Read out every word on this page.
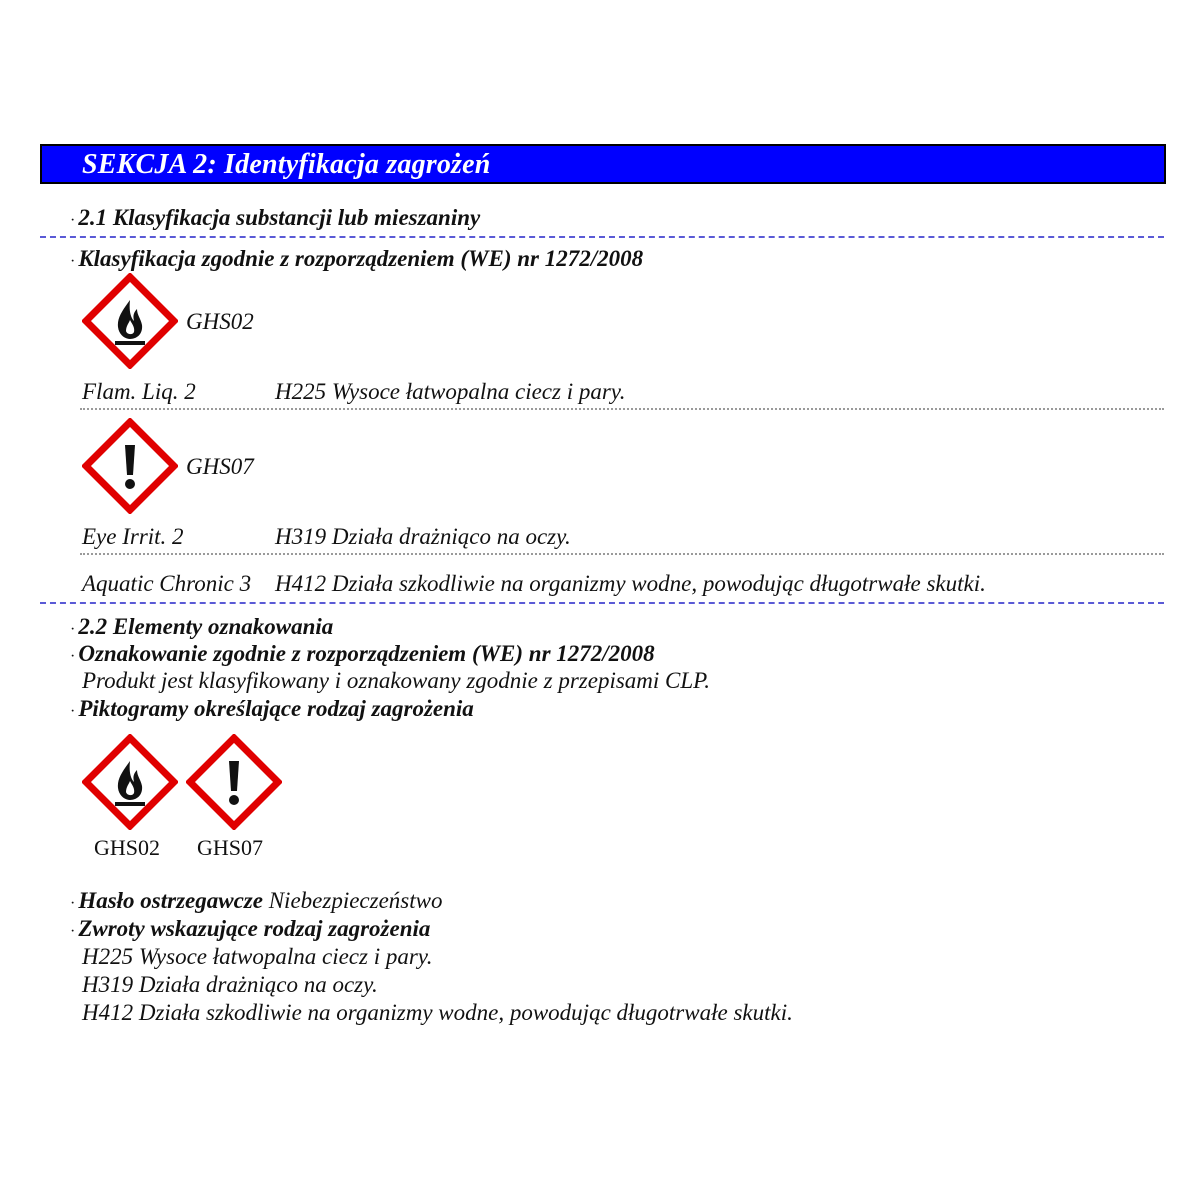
SEKCJA 2: Identyfikacja zagrożeń
· 2.1 Klasyfikacja substancji lub mieszaniny
· Klasyfikacja zgodnie z rozporządzeniem (WE) nr 1272/2008
GHS02
Flam. Liq. 2	H225 Wysoce łatwopalna ciecz i pary.
GHS07
Eye Irrit. 2	H319 Działa drażniąco na oczy.
Aquatic Chronic 3 H412 Działa szkodliwie na organizmy wodne, powodując długotrwałe skutki.
· 2.2 Elementy oznakowania
· Oznakowanie zgodnie z rozporządzeniem (WE) nr 1272/2008
Produkt jest klasyfikowany i oznakowany zgodnie z przepisami CLP.
· Piktogramy określające rodzaj zagrożenia
GHS02 GHS07
· Hasło ostrzegawcze Niebezpieczeństwo
· Zwroty wskazujące rodzaj zagrożenia
H225 Wysoce łatwopalna ciecz i pary.
H319 Działa drażniąco na oczy.
H412 Działa szkodliwie na organizmy wodne, powodując długotrwałe skutki.
